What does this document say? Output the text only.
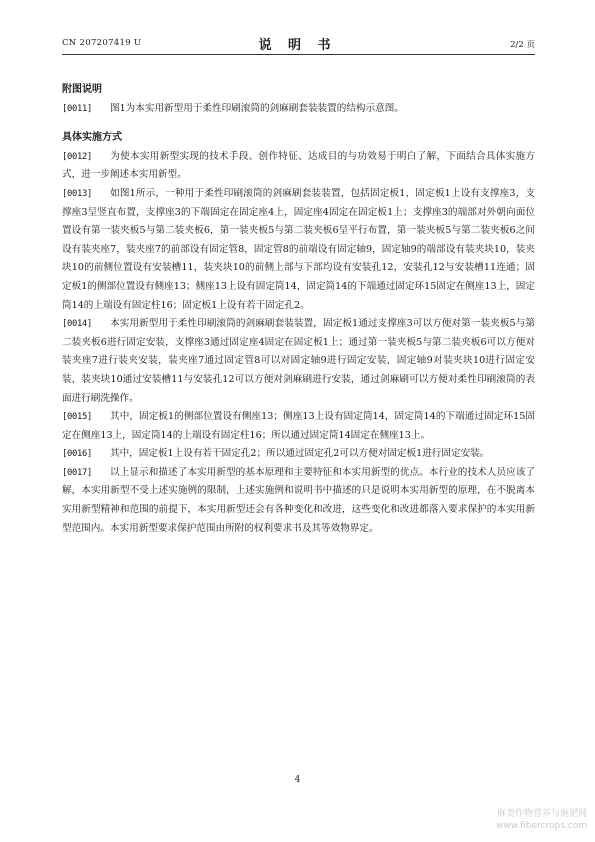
CN 207207419 U	说 明 书	2/2 页
附图说明

[0011] 图1为本实用新型用于柔性印刷滚筒的剑麻刷套装装置的结构示意图。

具体实施方式

[0012] 为使本实用新型实现的技术手段、创作特征、达成目的与功效易于明白了解，下面结合具体实施方式，进一步阐述本实用新型。

[0013] 如图1所示，一种用于柔性印刷滚筒的剑麻刷套装装置，包括固定板1，固定板1上设有支撑座3，支撑座3呈竖直布置，支撑座3的下端固定在固定座4上，固定座4固定在固定板1上；支撑座3的端部对外朝向面位置设有第一装夹板5与第二装夹板6，第一装夹板5与第二装夹板6呈平行布置，第一装夹板5与第二装夹板6之间设有装夹座7，装夹座7的前部设有固定管8，固定管8的前端设有固定轴9，固定轴9的端部设有装夹块10，装夹块10的前侧位置设有安装槽11，装夹块10的前侧上部与下部均设有安装孔12，安装孔12与安装槽11连通；固定板1的侧部位置设有侧座13；侧座13上设有固定筒14，固定筒14的下端通过固定环15固定在侧座13上，固定筒14的上端设有固定柱16；固定板1上设有若干固定孔2。

[0014] 本实用新型用于柔性印刷滚筒的剑麻刷套装装置，固定板1通过支撑座3可以方便对第一装夹板5与第二装夹板6进行固定安装，支撑座3通过固定座4固定在固定板1上；通过第一装夹板5与第二装夹板6可以方便对装夹座7进行装夹安装，装夹座7通过固定管8可以对固定轴9进行固定安装，固定轴9对装夹块10进行固定安装，装夹块10通过安装槽11与安装孔12可以方便对剑麻刷进行安装，通过剑麻刷可以方便对柔性印刷滚筒的表面进行刷洗操作。

[0015] 其中，固定板1的侧部位置设有侧座13；侧座13上设有固定筒14，固定筒14的下端通过固定环15固定在侧座13上，固定筒14的上端设有固定柱16；所以通过固定筒14固定在侧座13上。

[0016] 其中，固定板1上设有若干固定孔2；所以通过固定孔2可以方便对固定板1进行固定安装。

[0017] 以上显示和描述了本实用新型的基本原理和主要特征和本实用新型的优点。本行业的技术人员应该了解，本实用新型不受上述实施例的限制，上述实施例和说明书中描述的只是说明本实用新型的原理，在不脱离本实用新型精神和范围的前提下，本实用新型还会有各种变化和改进，这些变化和改进都落入要求保护的本实用新型范围内。本实用新型要求保护范围由所附的权利要求书及其等效物界定。

4
麻类作物营养与施肥网
www.fibercrops.com
